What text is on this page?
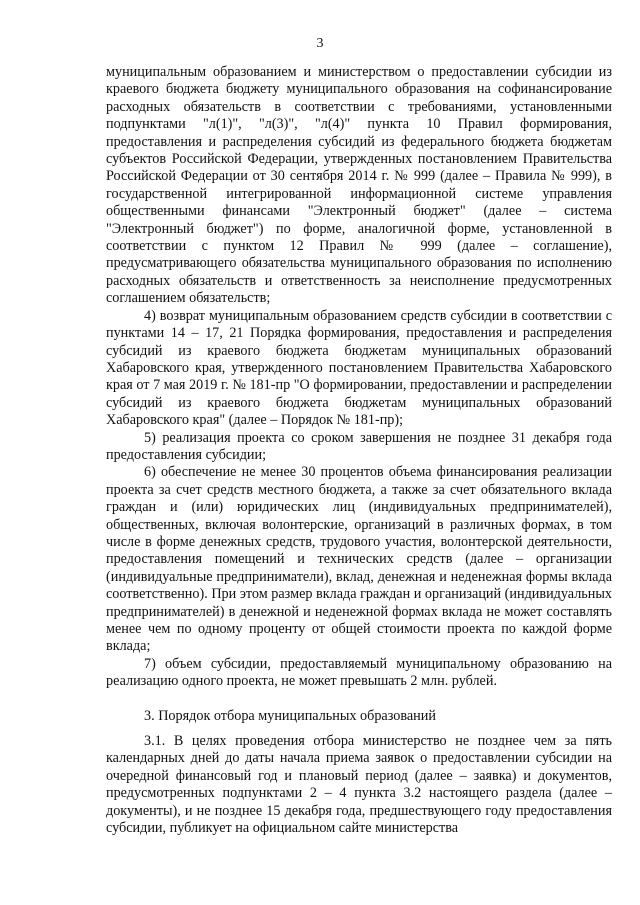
3

муниципальным образованием и министерством о предоставлении субсидии из краевого бюджета бюджету муниципального образования на софинансирование расходных обязательств в соответствии с требованиями, установленными подпунктами "л(1)", "л(3)", "л(4)" пункта 10 Правил формирования, предоставления и распределения субсидий из федерального бюджета бюджетам субъектов Российской Федерации, утвержденных постановлением Правительства Российской Федерации от 30 сентября 2014 г. № 999 (далее – Правила № 999), в государственной интегрированной информационной системе управления общественными финансами "Электронный бюджет" (далее – система "Электронный бюджет") по форме, аналогичной форме, установленной в соответствии с пунктом 12 Правил № 999 (далее – соглашение), предусматривающего обязательства муниципального образования по исполнению расходных обязательств и ответственность за неисполнение предусмотренных соглашением обязательств;

4) возврат муниципальным образованием средств субсидии в соответствии с пунктами 14 – 17, 21 Порядка формирования, предоставления и распределения субсидий из краевого бюджета бюджетам муниципальных образований Хабаровского края, утвержденного постановлением Правительства Хабаровского края от 7 мая 2019 г. № 181-пр "О формировании, предоставлении и распределении субсидий из краевого бюджета бюджетам муниципальных образований Хабаровского края" (далее – Порядок № 181-пр);

5) реализация проекта со сроком завершения не позднее 31 декабря года предоставления субсидии;

6) обеспечение не менее 30 процентов объема финансирования реализации проекта за счет средств местного бюджета, а также за счет обязательного вклада граждан и (или) юридических лиц (индивидуальных предпринимателей), общественных, включая волонтерские, организаций в различных формах, в том числе в форме денежных средств, трудового участия, волонтерской деятельности, предоставления помещений и технических средств (далее – организации (индивидуальные предприниматели), вклад, денежная и неденежная формы вклада соответственно). При этом размер вклада граждан и организаций (индивидуальных предпринимателей) в денежной и неденежной формах вклада не может составлять менее чем по одному проценту от общей стоимости проекта по каждой форме вклада;

7) объем субсидии, предоставляемый муниципальному образованию на реализацию одного проекта, не может превышать 2 млн. рублей.

3. Порядок отбора муниципальных образований

3.1. В целях проведения отбора министерство не позднее чем за пять календарных дней до даты начала приема заявок о предоставлении субсидии на очередной финансовый год и плановый период (далее – заявка) и документов, предусмотренных подпунктами 2 – 4 пункта 3.2 настоящего раздела (далее – документы), и не позднее 15 декабря года, предшествующего году предоставления субсидии, публикует на официальном сайте министерства
